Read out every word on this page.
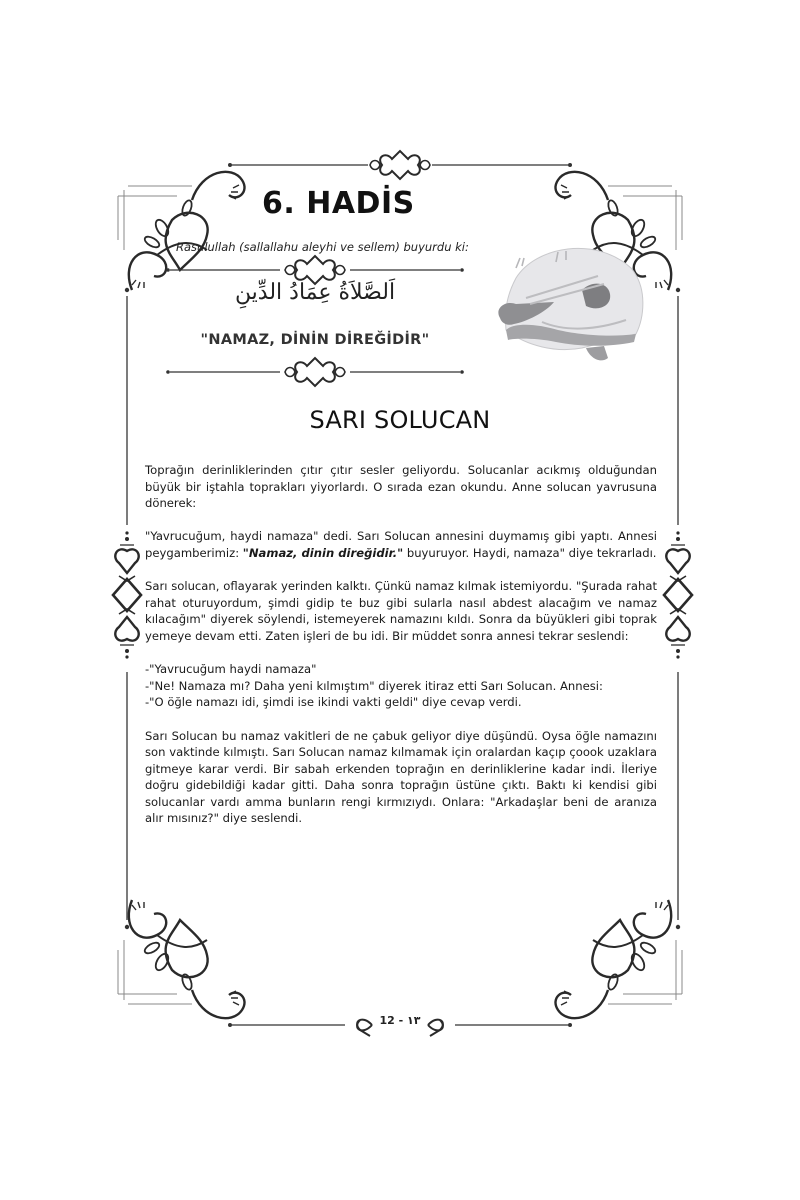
6. HADİS
Rasulullah (sallallahu aleyhi ve sellem) buyurdu ki:
اَلصَّلاَةُ عِمَادُ الدِّينِ
"NAMAZ, DİNİN DİREĞİDİR"
SARI SOLUCAN

Toprağın derinliklerinden çıtır çıtır sesler geliyordu. Solucanlar acıkmış olduğundan büyük bir iştahla toprakları yiyorlardı. O sırada ezan okundu. Anne solucan yavrusuna dönerek:

"Yavrucuğum, haydi namaza" dedi. Sarı Solucan annesini duymamış gibi yaptı. Annesi peygamberimiz: "Namaz, dinin direğidir." buyuruyor. Haydi, namaza" diye tekrarladı.

Sarı solucan, oflayarak yerinden kalktı. Çünkü namaz kılmak istemiyordu. "Şurada rahat rahat oturuyordum, şimdi gidip te buz gibi sularla nasıl abdest alacağım ve namaz kılacağım" diyerek söylendi, istemeyerek namazını kıldı. Sonra da büyükleri gibi toprak yemeye devam etti. Zaten işleri de bu idi. Bir müddet sonra annesi tekrar seslendi:

-"Yavrucuğum haydi namaza"

-"Ne! Namaza mı? Daha yeni kılmıştım" diyerek itiraz etti Sarı Solucan. Annesi:

-"O öğle namazı idi, şimdi ise ikindi vakti geldi" diye cevap verdi.

Sarı Solucan bu namaz vakitleri de ne çabuk geliyor diye düşündü. Oysa öğle namazını son vaktinde kılmıştı. Sarı Solucan namaz kılmamak için oralardan kaçıp çoook uzaklara gitmeye karar verdi. Bir sabah erkenden toprağın en derinliklerine kadar indi. İleriye doğru gidebildiği kadar gitti. Daha sonra toprağın üstüne çıktı. Baktı ki kendisi gibi solucanlar vardı amma bunların rengi kırmızıydı. Onlara: "Arkadaşlar beni de aranıza alır mısınız?" diye seslendi.

12 - ١٣
